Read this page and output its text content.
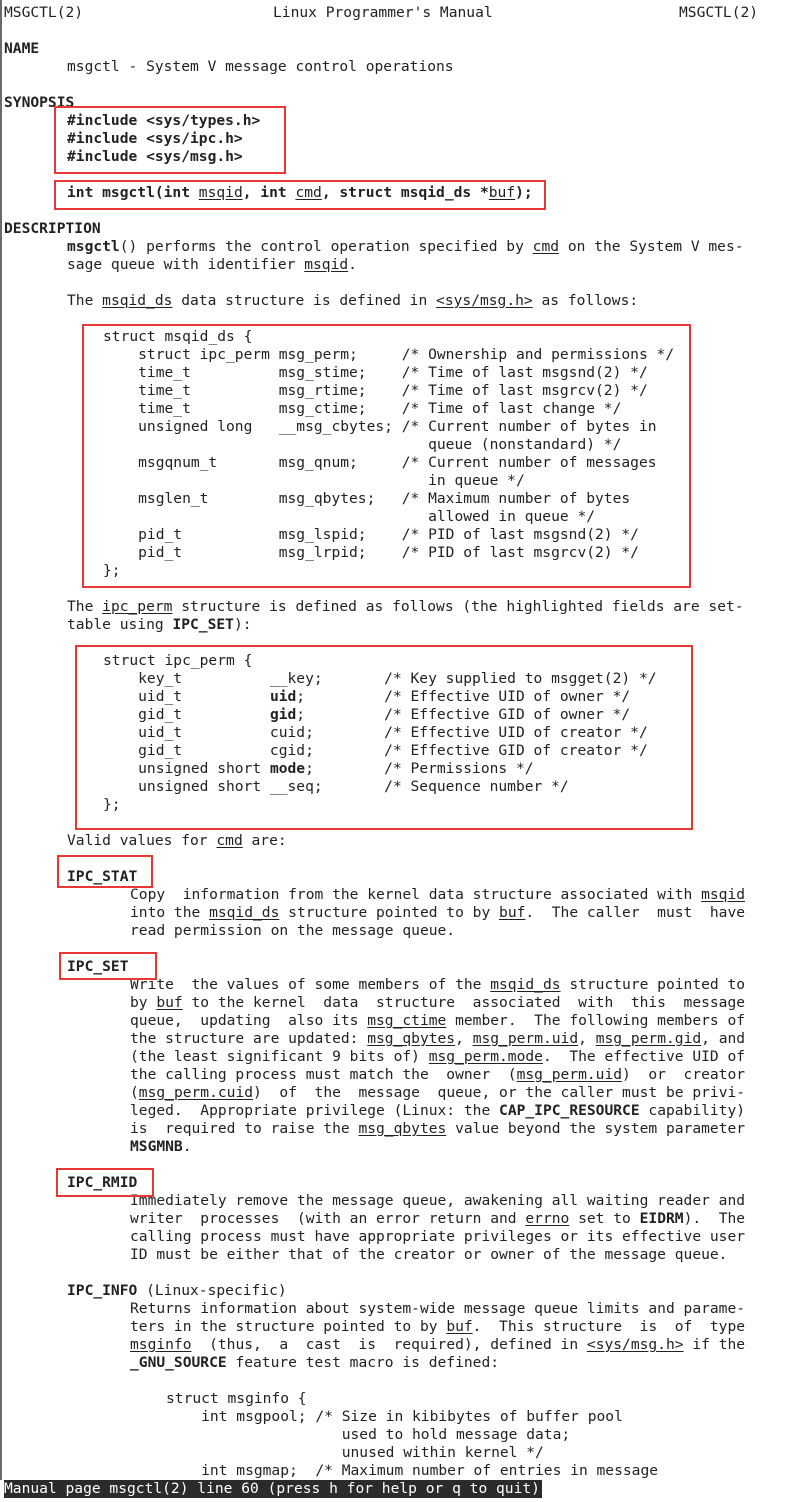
MSGCTL(2)	Linux Programmer's Manual	MSGCTL(2)
NAME
msgctl - System V message control operations
SYNOPSIS
#include <sys/types.h>
#include <sys/ipc.h>
#include <sys/msg.h>
int msgctl(int msqid, int cmd, struct msqid_ds *buf);
DESCRIPTION
msgctl() performs the control operation specified by cmd on the System V mes-
sage queue with identifier msqid.
The msqid_ds data structure is defined in <sys/msg.h> as follows:
struct msqid_ds {
struct ipc_perm msg_perm;     /* Ownership and permissions */
time_t          msg_stime;    /* Time of last msgsnd(2) */
time_t          msg_rtime;    /* Time of last msgrcv(2) */
time_t          msg_ctime;    /* Time of last change */
unsigned long   __msg_cbytes; /* Current number of bytes in
queue (nonstandard) */
msgqnum_t       msg_qnum;     /* Current number of messages
in queue */
msglen_t        msg_qbytes;   /* Maximum number of bytes
allowed in queue */
pid_t           msg_lspid;    /* PID of last msgsnd(2) */
pid_t           msg_lrpid;    /* PID of last msgrcv(2) */
};
The ipc_perm structure is defined as follows (the highlighted fields are set-
table using IPC_SET):
struct ipc_perm {
key_t          __key;       /* Key supplied to msgget(2) */
uid_t          uid;         /* Effective UID of owner */
gid_t          gid;         /* Effective GID of owner */
uid_t          cuid;        /* Effective UID of creator */
gid_t          cgid;        /* Effective GID of creator */
unsigned short mode;        /* Permissions */
unsigned short __seq;       /* Sequence number */
};
Valid values for cmd are:
IPC_STAT
Copy  information from the kernel data structure associated with msqid
into the msqid_ds structure pointed to by buf.  The caller  must  have
read permission on the message queue.
IPC_SET
Write  the values of some members of the msqid_ds structure pointed to
by buf to the kernel  data  structure  associated  with  this  message
queue,  updating  also its msg_ctime member.  The following members of
the structure are updated: msg_qbytes, msg_perm.uid, msg_perm.gid, and
(the least significant 9 bits of) msg_perm.mode.  The effective UID of
the calling process must match the  owner  (msg_perm.uid)  or  creator
(msg_perm.cuid)  of  the  message  queue, or the caller must be privi-
leged.  Appropriate privilege (Linux: the CAP_IPC_RESOURCE capability)
is  required to raise the msg_qbytes value beyond the system parameter
MSGMNB.
IPC_RMID
Immediately remove the message queue, awakening all waiting reader and
writer  processes  (with an error return and errno set to EIDRM).  The
calling process must have appropriate privileges or its effective user
ID must be either that of the creator or owner of the message queue.
IPC_INFO (Linux-specific)
Returns information about system-wide message queue limits and parame-
ters in the structure pointed to by buf.  This structure  is  of  type
msginfo  (thus,  a  cast  is  required), defined in <sys/msg.h> if the
_GNU_SOURCE feature test macro is defined:
struct msginfo {
int msgpool; /* Size in kibibytes of buffer pool
used to hold message data;
unused within kernel */
int msgmap;  /* Maximum number of entries in message
Manual page msgctl(2) line 60 (press h for help or q to quit)
